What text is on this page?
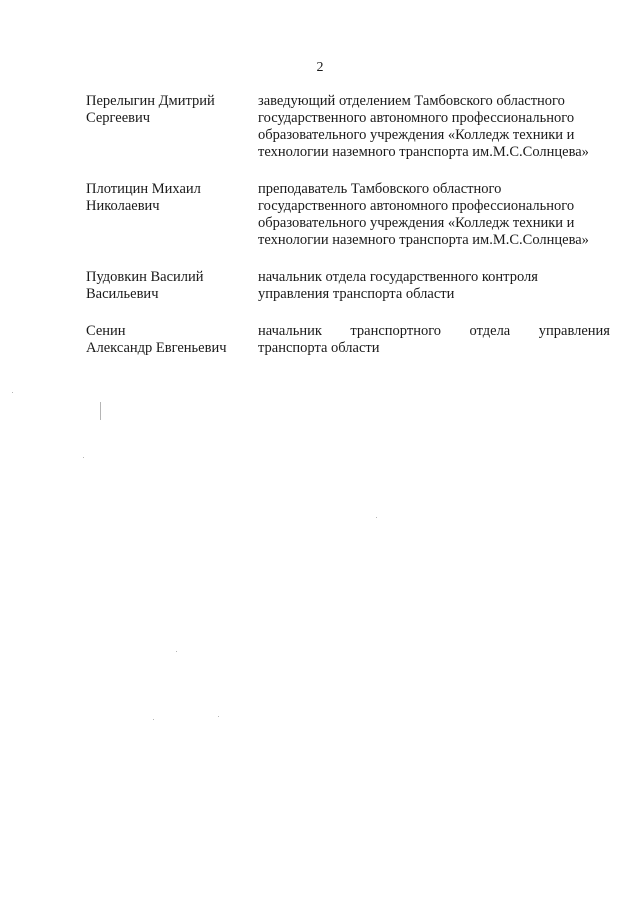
2
Перелыгин Дмитрий
Сергеевич
заведующий отделением Тамбовского областного
государственного автономного профессионального
образовательного учреждения «Колледж техники и
технологии наземного транспорта им.М.С.Солнцева»
Плотицин Михаил
Николаевич
преподаватель Тамбовского областного
государственного автономного профессионального
образовательного учреждения «Колледж техники и
технологии наземного транспорта им.М.С.Солнцева»
Пудовкин Василий
Васильевич
начальник отдела государственного контроля
управления транспорта области
Сенин
Александр Евгеньевич
начальник транспортного отдела управления
транспорта области
